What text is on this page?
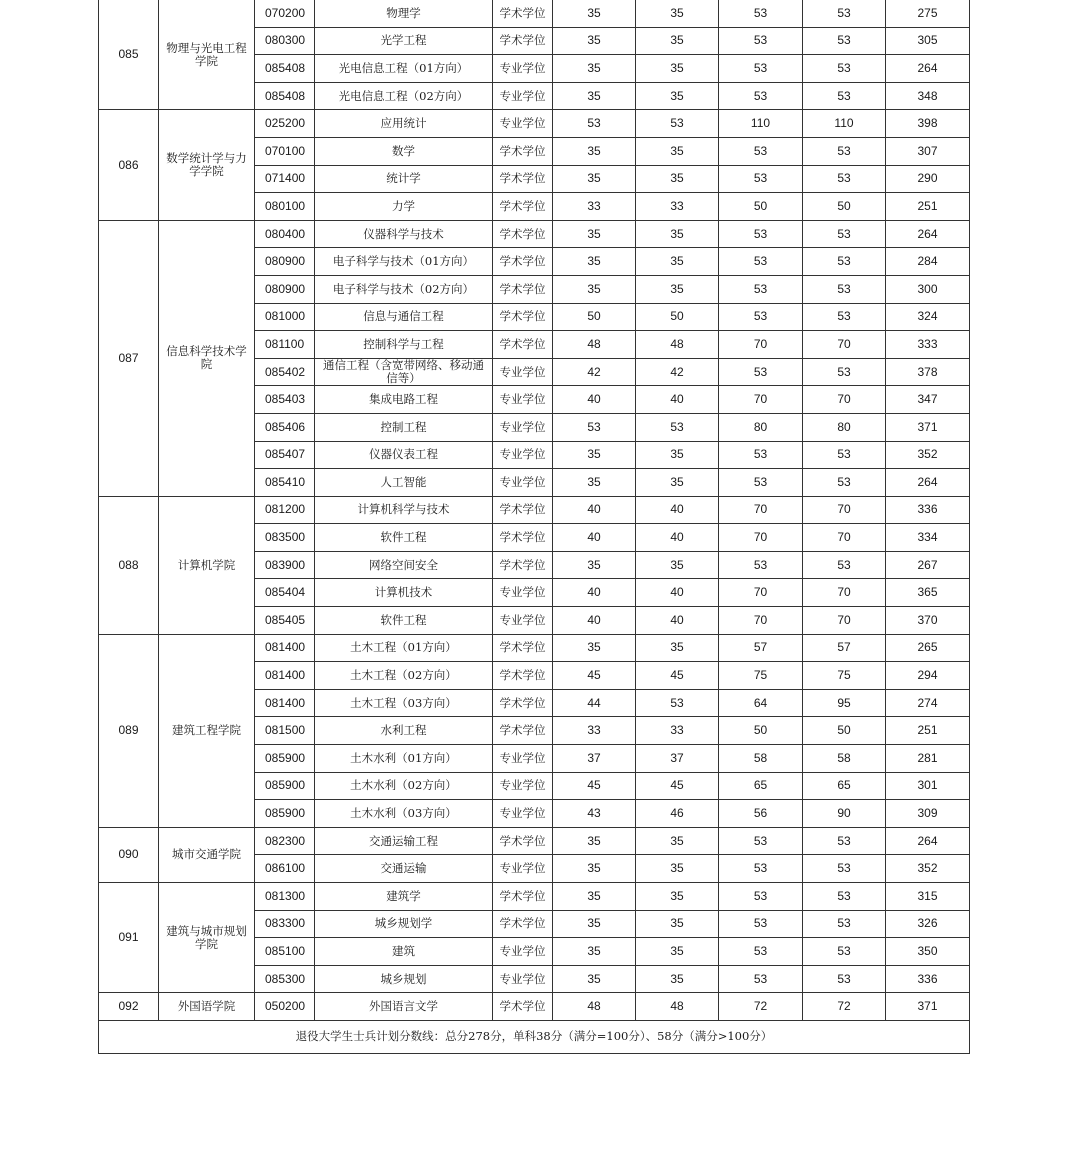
085	物理与光电工程学院	070200	物理学	学术学位	35	35	53	53	275
		080300	光学工程	学术学位	35	35	53	53	305
		085408	光电信息工程（01方向）	专业学位	35	35	53	53	264
		085408	光电信息工程（02方向）	专业学位	35	35	53	53	348
086	数学统计学与力学学院	025200	应用统计	专业学位	53	53	110	110	398
		070100	数学	学术学位	35	35	53	53	307
		071400	统计学	学术学位	35	35	53	53	290
		080100	力学	学术学位	33	33	50	50	251
087	信息科学技术学院	080400	仪器科学与技术	学术学位	35	35	53	53	264
		080900	电子科学与技术（01方向）	学术学位	35	35	53	53	284
		080900	电子科学与技术（02方向）	学术学位	35	35	53	53	300
		081000	信息与通信工程	学术学位	50	50	53	53	324
		081100	控制科学与工程	学术学位	48	48	70	70	333
		085402	通信工程（含宽带网络、移动通信等）	专业学位	42	42	53	53	378
		085403	集成电路工程	专业学位	40	40	70	70	347
		085406	控制工程	专业学位	53	53	80	80	371
		085407	仪器仪表工程	专业学位	35	35	53	53	352
		085410	人工智能	专业学位	35	35	53	53	264
088	计算机学院	081200	计算机科学与技术	学术学位	40	40	70	70	336
		083500	软件工程	学术学位	40	40	70	70	334
		083900	网络空间安全	学术学位	35	35	53	53	267
		085404	计算机技术	专业学位	40	40	70	70	365
		085405	软件工程	专业学位	40	40	70	70	370
089	建筑工程学院	081400	土木工程（01方向）	学术学位	35	35	57	57	265
		081400	土木工程（02方向）	学术学位	45	45	75	75	294
		081400	土木工程（03方向）	学术学位	44	53	64	95	274
		081500	水利工程	学术学位	33	33	50	50	251
		085900	土木水利（01方向）	专业学位	37	37	58	58	281
		085900	土木水利（02方向）	专业学位	45	45	65	65	301
		085900	土木水利（03方向）	专业学位	43	46	56	90	309
090	城市交通学院	082300	交通运输工程	学术学位	35	35	53	53	264
		086100	交通运输	专业学位	35	35	53	53	352
091	建筑与城市规划学院	081300	建筑学	学术学位	35	35	53	53	315
		083300	城乡规划学	学术学位	35	35	53	53	326
		085100	建筑	专业学位	35	35	53	53	350
		085300	城乡规划	专业学位	35	35	53	53	336
092	外国语学院	050200	外国语言文学	学术学位	48	48	72	72	371
退役大学生士兵计划分数线：总分278分，单科38分（满分=100分）、58分（满分>100分）									
